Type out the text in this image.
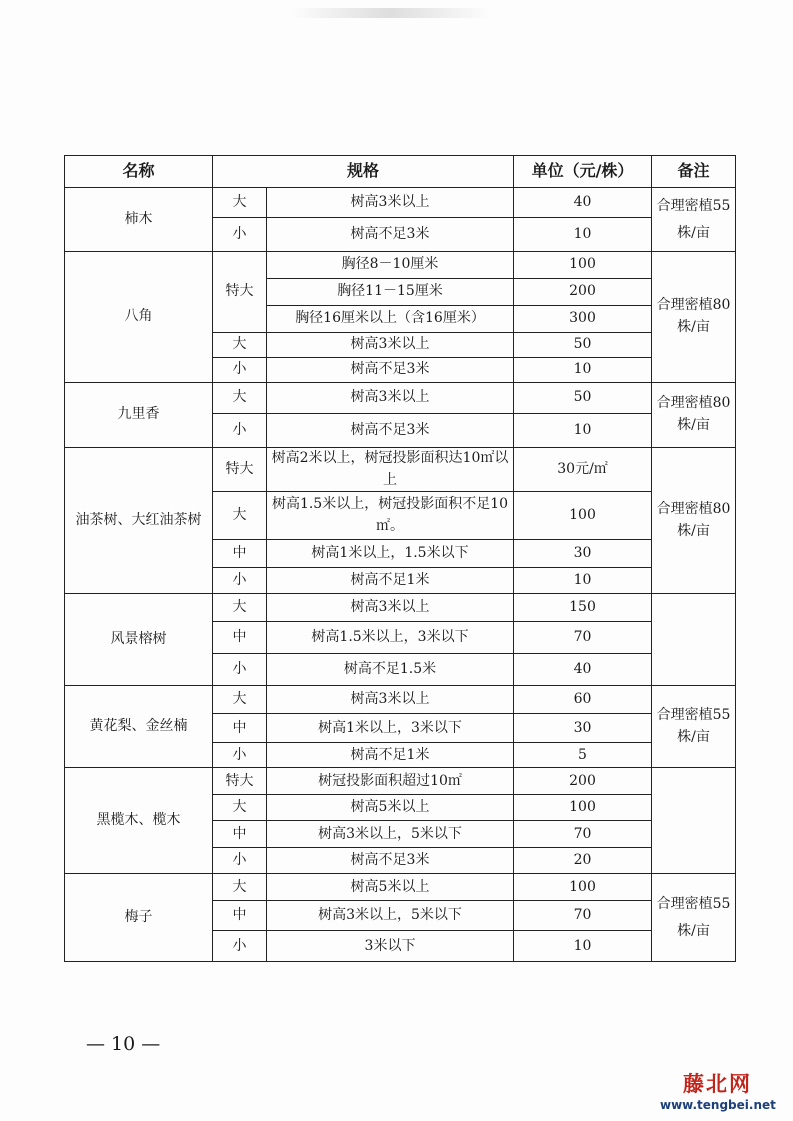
名称	规格		单位（元/株）	备注
柿木	大	树高3米以上	40	合理密植55株/亩
	小	树高不足3米	10	
八角	特大	胸径8－10厘米	100	合理密植80株/亩
		胸径11－15厘米	200	
		胸径16厘米以上（含16厘米）	300	
	大	树高3米以上	50	
	小	树高不足3米	10	
九里香	大	树高3米以上	50	合理密植80株/亩
	小	树高不足3米	10	
油茶树、大红油茶树	特大	树高2米以上，树冠投影面积达10㎡以上	30元/㎡	合理密植80株/亩
	大	树高1.5米以上，树冠投影面积不足10㎡。	100	
	中	树高1米以上，1.5米以下	30	
	小	树高不足1米	10	
风景榕树	大	树高3米以上	150	
	中	树高1.5米以上，3米以下	70	
	小	树高不足1.5米	40	
黄花梨、金丝楠	大	树高3米以上	60	合理密植55株/亩
	中	树高1米以上，3米以下	30	
	小	树高不足1米	5	
黑榄木、榄木	特大	树冠投影面积超过10㎡	200	
	大	树高5米以上	100	
	中	树高3米以上，5米以下	70	
	小	树高不足3米	20	
梅子	大	树高5米以上	100	合理密植55株/亩
	中	树高3米以上，5米以下	70	
	小	3米以下	10	
— 10 —
藤北网
www.tengbei.net
